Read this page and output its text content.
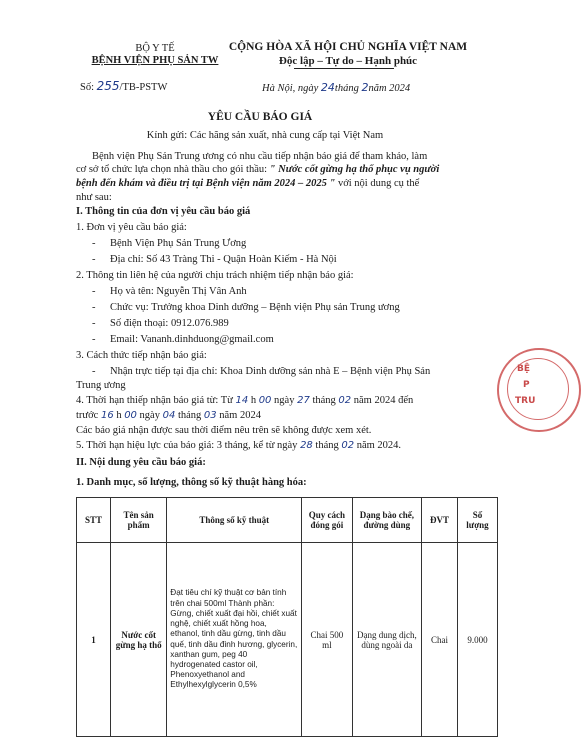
BỘ Y TẾ
BỆNH VIỆN PHỤ SẢN TW
Số: 255/TB-PSTW
CỘNG HÒA XÃ HỘI CHỦ NGHĨA VIỆT NAM
Độc lập – Tự do – Hạnh phúc
Hà Nội, ngày 24tháng 2năm 2024
YÊU CẦU BÁO GIÁ
Kính gửi: Các hãng sản xuất, nhà cung cấp tại Việt Nam
Bệnh viện Phụ Sản Trung ương có nhu cầu tiếp nhận báo giá để tham khảo, làm
cơ sở tổ chức lựa chọn nhà thầu cho gói thầu: " Nước cốt gừng hạ thổ phục vụ người
bệnh đến khám và điều trị tại Bệnh viện năm 2024 – 2025 " với nội dung cụ thể
như sau:
I. Thông tin của đơn vị yêu cầu báo giá
1. Đơn vị yêu cầu báo giá:
- Bệnh Viện Phụ Sản Trung Ương
- Địa chỉ: Số 43 Tràng Thi - Quận Hoàn Kiếm - Hà Nội
2. Thông tin liên hệ của người chịu trách nhiệm tiếp nhận báo giá:
- Họ và tên: Nguyễn Thị Vân Anh
- Chức vụ: Trưởng khoa Dinh dưỡng – Bệnh viện Phụ sản Trung ương
- Số điện thoại: 0912.076.989
- Email: Vananh.dinhduong@gmail.com
3. Cách thức tiếp nhận báo giá:
- Nhận trực tiếp tại địa chỉ: Khoa Dinh dưỡng sản nhà E – Bệnh viện Phụ Sản
Trung ương
4. Thời hạn thiếp nhận báo giá từ: Từ 14 h 00 ngày 27 tháng 02 năm 2024 đến
trước 16 h 00 ngày 04 tháng 03 năm 2024
Các báo giá nhận được sau thời điểm nêu trên sẽ không được xem xét.
5. Thời hạn hiệu lực của báo giá: 3 tháng, kể từ ngày 28 tháng 02 năm 2024.
II. Nội dung yêu cầu báo giá:
1. Danh mục, số lượng, thông số kỹ thuật hàng hóa:
STT	Tên sản phẩm	Thông số kỹ thuật	Quy cách đóng gói	Dạng bào chế, đường dùng	ĐVT	Số lượng
1	Nước cốt gừng hạ thổ	Đạt tiêu chí kỹ thuật cơ bản tính trên chai 500ml Thành phần: Gừng, chiết xuất đại hồi, chiết xuất nghệ, chiết xuất hồng hoa, ethanol, tinh dầu gừng, tinh dầu quế, tinh dầu đinh hương, glycerin, xanthan gum, peg 40 hydrogenated castor oil, Phenoxyethanol and Ethylhexylglycerin 0,5%	Chai 500 ml	Dạng dung dịch, dùng ngoài da	Chai	9.000
BỆ
P
TRU
